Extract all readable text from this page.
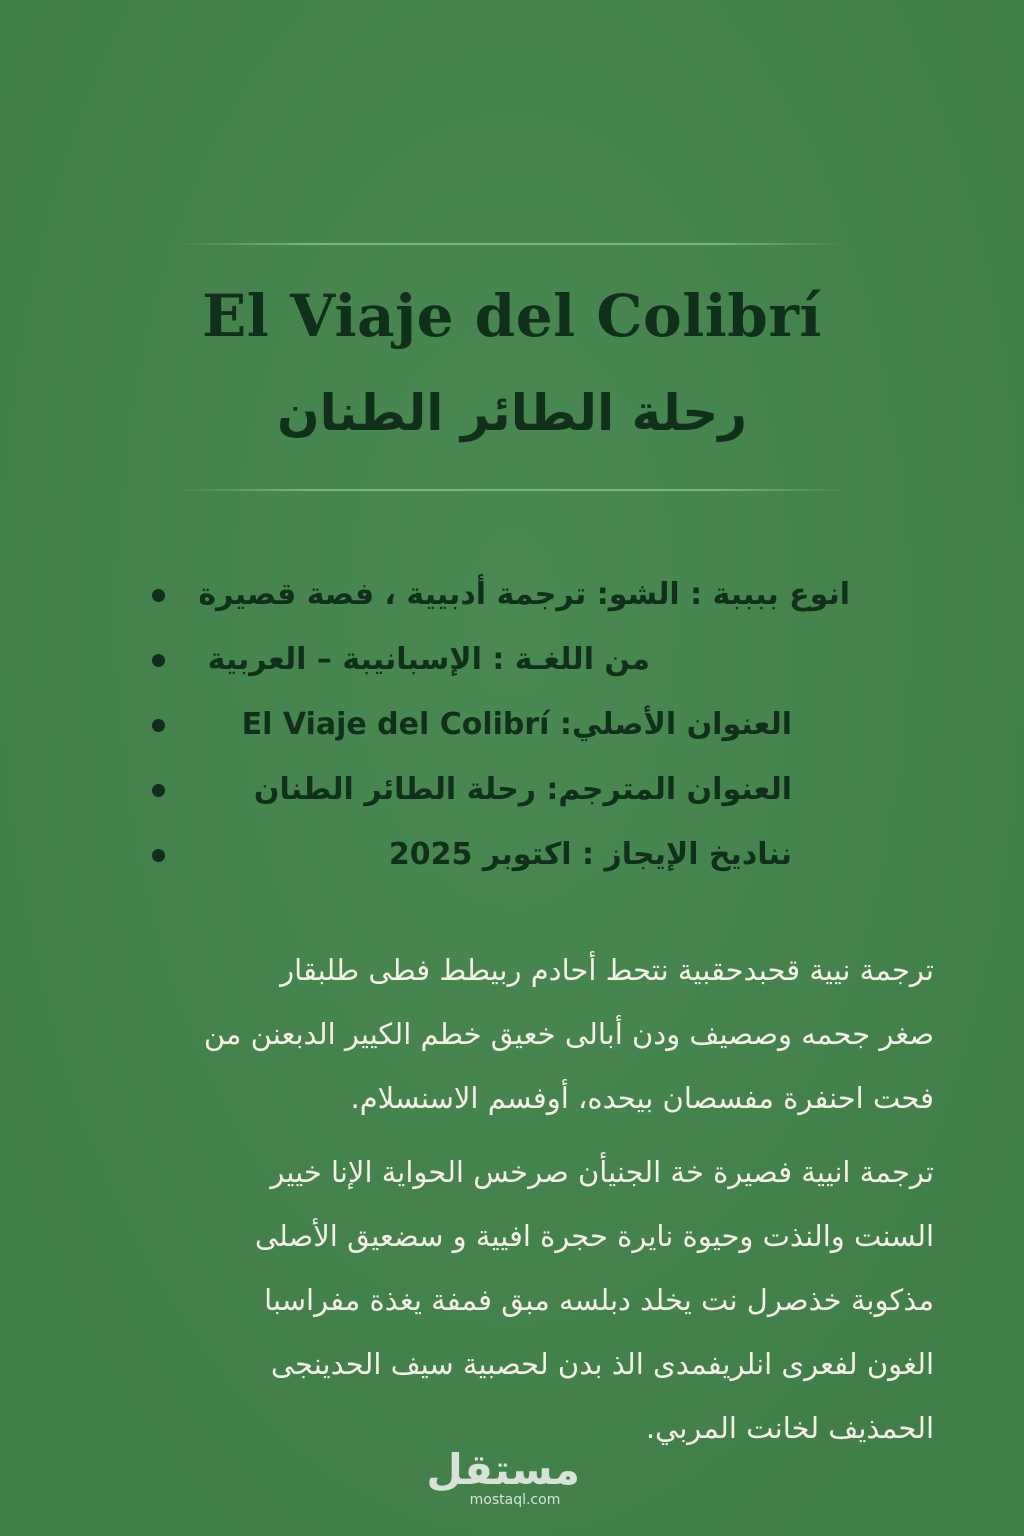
El Viaje del Colibrí
رحلة الطائر الطنان
انوع ببببة : الشو: ترجمة أدبيية ، فصة قصيرة
من اللغـة : الإسبانيبة – العربية
العنوان الأصلي: El Viaje del Colibrí
العنوان المترجم: رحلة الطائر الطنان
نناديخ الإيجاز : اكتوبر 2025
ترجمة نيية قحبدحقبية نتحط أحادم ربيطط فطى طلبقار
صغر جحمه وصصيف ودن أبالى خعيق خطم الكيير الدبعنن من
فحت احنفرة مفسصان بيحده، أوفسم الاسنسلام.
ترجمة انيية فصيرة خة الجنيأن صرخس الحواية الإنا خيير
السنت والنذت وحيوة نايرة حجرة افيية و سضعيق الأصلى
مذكوبة خذصرل نت يخلد دبلسه مبق فمفة يغذة مفراسبا
الغون لفعرى انلريفمدى الذ بدن لحصبية سيف الحدينجى
الحمذيف لخانت المربي.
مستقل
mostaql.com
